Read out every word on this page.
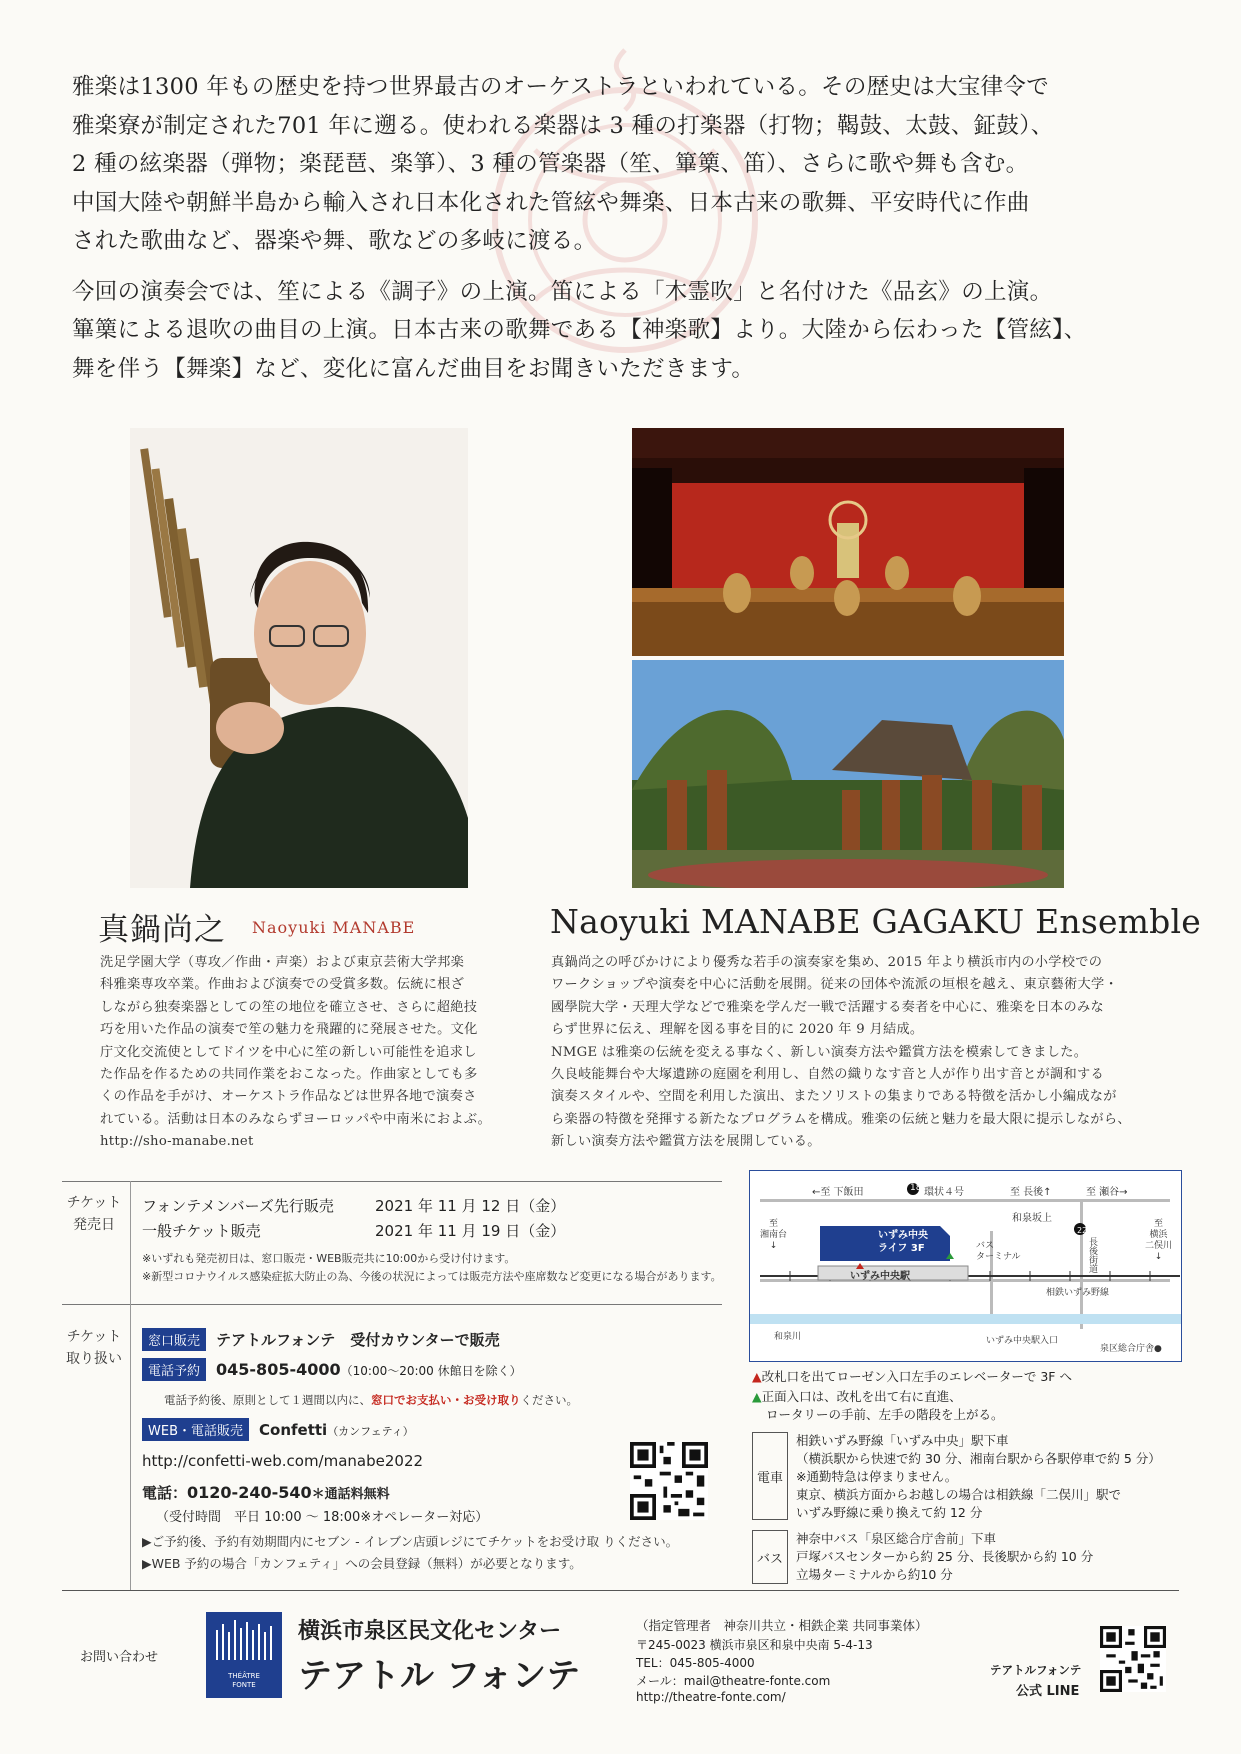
雅楽は1300 年もの歴史を持つ世界最古のオーケストラといわれている。その歴史は大宝律令で
雅楽寮が制定された701 年に遡る。使われる楽器は 3 種の打楽器（打物；鞨鼓、太鼓、鉦鼓）、
2 種の絃楽器（弾物；楽琵琶、楽箏）、3 種の管楽器（笙、篳篥、笛）、さらに歌や舞も含む。
中国大陸や朝鮮半島から輸入され日本化された管絃や舞楽、日本古来の歌舞、平安時代に作曲
された歌曲など、器楽や舞、歌などの多岐に渡る。

今回の演奏会では、笙による《調子》の上演。笛による「木霊吹」と名付けた《品玄》の上演。
篳篥による退吹の曲目の上演。日本古来の歌舞である【神楽歌】より。大陸から伝わった【管絃】、
舞を伴う【舞楽】など、変化に富んだ曲目をお聞きいただきます。

真鍋尚之 Naoyuki MANABE

洗足学園大学（専攻／作曲・声楽）および東京芸術大学邦楽

科雅楽専攻卒業。作曲および演奏での受賞多数。伝統に根ざ

しながら独奏楽器としての笙の地位を確立させ、さらに超絶技

巧を用いた作品の演奏で笙の魅力を飛躍的に発展させた。文化

庁文化交流使としてドイツを中心に笙の新しい可能性を追求し

た作品を作るための共同作業をおこなった。作曲家としても多

くの作品を手がけ、オーケストラ作品などは世界各地で演奏さ

れている。活動は日本のみならずヨーロッパや中南米におよぶ。

http://sho-manabe.net

Naoyuki MANABE GAGAKU Ensemble

真鍋尚之の呼びかけにより優秀な若手の演奏家を集め、2015 年より横浜市内の小学校での

ワークショップや演奏を中心に活動を展開。従来の団体や流派の垣根を越え、東京藝術大学・

國學院大学・天理大学などで雅楽を学んだ一戦で活躍する奏者を中心に、雅楽を日本のみな

らず世界に伝え、理解を図る事を目的に 2020 年 9 月結成。

NMGE は雅楽の伝統を変える事なく、新しい演奏方法や鑑賞方法を模索してきました。

久良岐能舞台や大塚遺跡の庭園を利用し、自然の織りなす音と人が作り出す音とが調和する

演奏スタイルや、空間を利用した演出、またソリストの集まりである特徴を活かし小編成なが

ら楽器の特徴を発揮する新たなプログラムを構成。雅楽の伝統と魅力を最大限に提示しながら、

新しい演奏方法や鑑賞方法を展開している。

チケット
発売日
フォンテメンバーズ先行販売	2021 年 11 月 12 日（金）
一般チケット販売	2021 年 11 月 19 日（金）
※いずれも発売初日は、窓口販売・WEB販売共に10:00から受け付けます。
※新型コロナウイルス感染症拡大防止の為、今後の状況によっては販売方法や座席数など変更になる場合があります。
チケット
取り扱い
窓口販売 テアトルフォンテ　受付カウンターで販売
電話予約 045-805-4000（10:00～20:00 休館日を除く）
電話予約後、原則として１週間以内に、窓口でお支払い・お受け取りください。
WEB・電話販売 Confetti（カンフェティ）
http://confetti-web.com/manabe2022
電話：0120-240-540＊通話料無料
（受付時間　平日 10:00 ～ 18:00※オペレーター対応）
▶ご予約後、予約有効期間内にセブン - イレブン店頭レジにてチケットをお受け取 りください。
▶WEB 予約の場合「カンフェティ」への会員登録（無料）が必要となります。
←至 下飯田	18 環状４号	至 長後↑	至 瀬谷→
和泉坂上
至
湘南台
↓
至
横浜
二俣川
↓
いずみ中央
ライフ 3F	バス
ターミナル
22
長後街道
いずみ中央駅
相鉄いずみ野線
和泉川	いずみ中央駅入口
泉区総合庁舎●
▲改札口を出てローゼン入口左手のエレベーターで 3F へ
▲正面入口は、改札を出て右に直進、
ロータリーの手前、左手の階段を上がる。
電車
相鉄いずみ野線「いずみ中央」駅下車
（横浜駅から快速で約 30 分、湘南台駅から各駅停車で約 5 分）
※通勤特急は停まりません。
東京、横浜方面からお越しの場合は相鉄線「二俣川」駅で
いずみ野線に乗り換えて約 12 分
バス
神奈中バス「泉区総合庁舎前」下車
戸塚バスセンターから約 25 分、長後駅から約 10 分
立場ターミナルから約10 分
お問い合わせ
THÉÂTRE
FONTE
横浜市泉区民文化センター
テアトル フォンテ
（指定管理者　神奈川共立・相鉄企業 共同事業体）
〒245-0023 横浜市泉区和泉中央南 5-4-13
TEL：045-805-4000
メール：mail@theatre-fonte.com
http://theatre-fonte.com/
テアトルフォンテ
公式 LINE
